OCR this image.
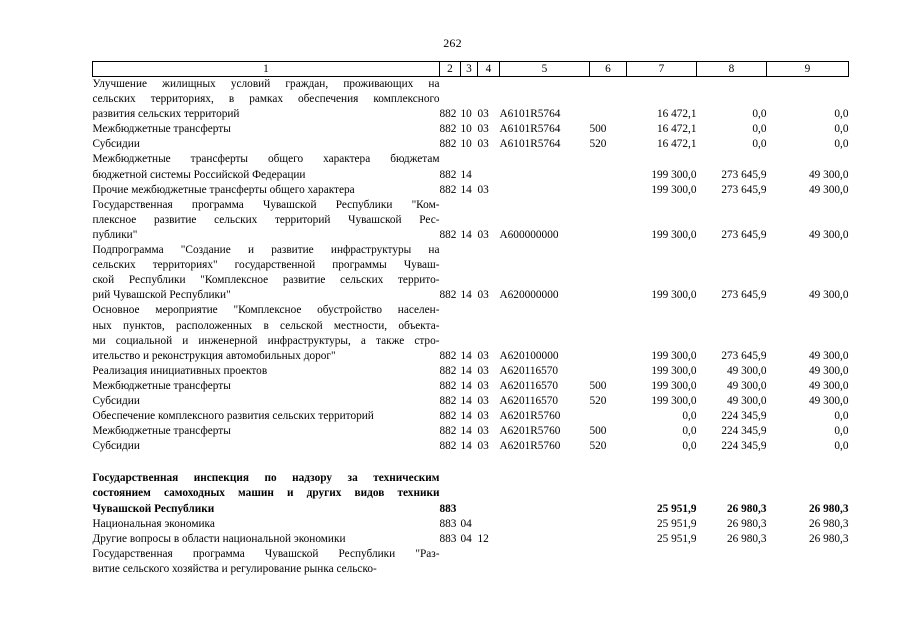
262
1	2	3	4	5	6	7	8	9

Улучшение жилищных условий граждан, проживающих на
сельских территориях, в рамках обеспечения комплексного
развития сельских территорий	882	10	03	А6101R5764		16 472,1	0,0	0,0

Межбюджетные трансферты	882	10	03	А6101R5764	500	16 472,1	0,0	0,0

Субсидии	882	10	03	А6101R5764	520	16 472,1	0,0	0,0

Межбюджетные трансферты общего характера бюджетам
бюджетной системы Российской Федерации	882	14				199 300,0	273 645,9	49 300,0

Прочие межбюджетные трансферты общего характера	882	14	03			199 300,0	273 645,9	49 300,0

Государственная программа Чувашской Республики "Ком-
плексное развитие сельских территорий Чувашской Рес-
публики"	882	14	03	А600000000		199 300,0	273 645,9	49 300,0

Подпрограмма "Создание и развитие инфраструктуры на
сельских территориях" государственной программы Чуваш-
ской Республики "Комплексное развитие сельских террито-
рий Чувашской Республики"	882	14	03	А620000000		199 300,0	273 645,9	49 300,0

Основное мероприятие "Комплексное обустройство населен-
ных пунктов, расположенных в сельской местности, объекта-
ми социальной и инженерной инфраструктуры, а также стро-
ительство и реконструкция автомобильных дорог"	882	14	03	А620100000		199 300,0	273 645,9	49 300,0

Реализация инициативных проектов	882	14	03	А620116570		199 300,0	49 300,0	49 300,0

Межбюджетные трансферты	882	14	03	А620116570	500	199 300,0	49 300,0	49 300,0

Субсидии	882	14	03	А620116570	520	199 300,0	49 300,0	49 300,0

Обеспечение комплексного развития сельских территорий	882	14	03	А6201R5760		0,0	224 345,9	0,0

Межбюджетные трансферты	882	14	03	А6201R5760	500	0,0	224 345,9	0,0

Субсидии	882	14	03	А6201R5760	520	0,0	224 345,9	0,0

Государственная инспекция по надзору за техническим
состоянием самоходных машин и других видов техники
Чувашской Республики	883					25 951,9	26 980,3	26 980,3

Национальная экономика	883	04				25 951,9	26 980,3	26 980,3

Другие вопросы в области национальной экономики	883	04	12			25 951,9	26 980,3	26 980,3

Государственная программа Чувашской Республики "Раз-
витие сельского хозяйства и регулирование рынка сельско-								
